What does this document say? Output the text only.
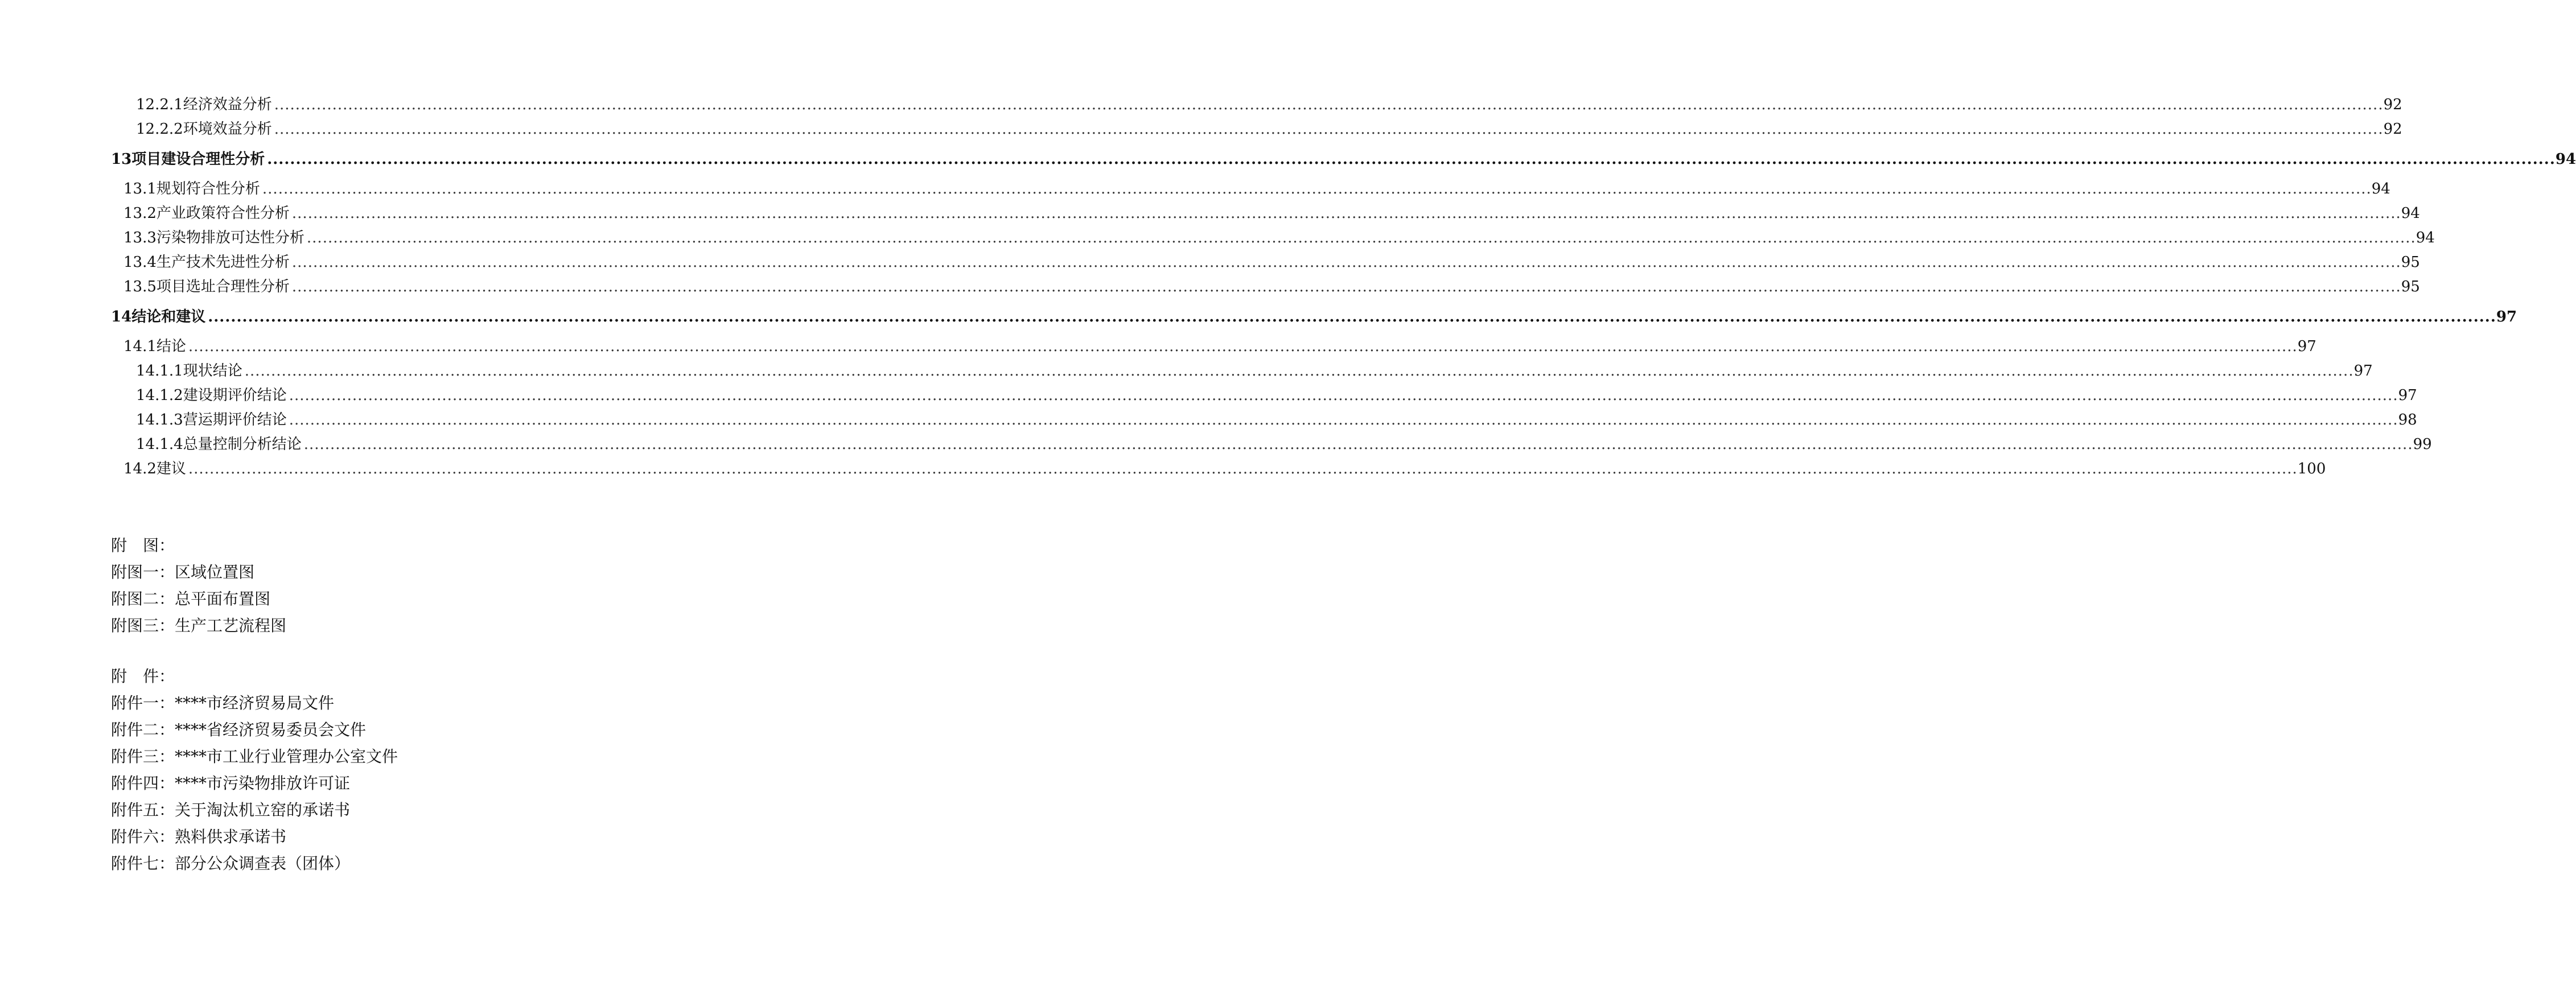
12.2.1 经济效益分析 ................................................................................................................................................................................................................................................................................................................................................................................................................ 92
12.2.2 环境效益分析 ................................................................................................................................................................................................................................................................................................................................................................................................................ 92
13 项目建设合理性分析 ................................................................................................................................................................................................................................................................................................................................................................................................................ 94
13.1 规划符合性分析 ................................................................................................................................................................................................................................................................................................................................................................................................................ 94
13.2 产业政策符合性分析 ................................................................................................................................................................................................................................................................................................................................................................................................................ 94
13.3 污染物排放可达性分析 ................................................................................................................................................................................................................................................................................................................................................................................................................ 94
13.4 生产技术先进性分析 ................................................................................................................................................................................................................................................................................................................................................................................................................ 95
13.5 项目选址合理性分析 ................................................................................................................................................................................................................................................................................................................................................................................................................ 95
14 结论和建议 ................................................................................................................................................................................................................................................................................................................................................................................................................ 97
14.1 结论 ................................................................................................................................................................................................................................................................................................................................................................................................................ 97
14.1.1 现状结论 ................................................................................................................................................................................................................................................................................................................................................................................................................ 97
14.1.2 建设期评价结论 ................................................................................................................................................................................................................................................................................................................................................................................................................ 97
14.1.3 营运期评价结论 ................................................................................................................................................................................................................................................................................................................................................................................................................ 98
14.1.4 总量控制分析结论 ................................................................................................................................................................................................................................................................................................................................................................................................................ 99
14.2 建议 ................................................................................................................................................................................................................................................................................................................................................................................................................ 100
附　图：
附图一：区域位置图
附图二：总平面布置图
附图三：生产工艺流程图
附　件：
附件一：****市经济贸易局文件
附件二：****省经济贸易委员会文件
附件三：****市工业行业管理办公室文件
附件四：****市污染物排放许可证
附件五：关于淘汰机立窑的承诺书
附件六：熟料供求承诺书
附件七：部分公众调查表（团体）
